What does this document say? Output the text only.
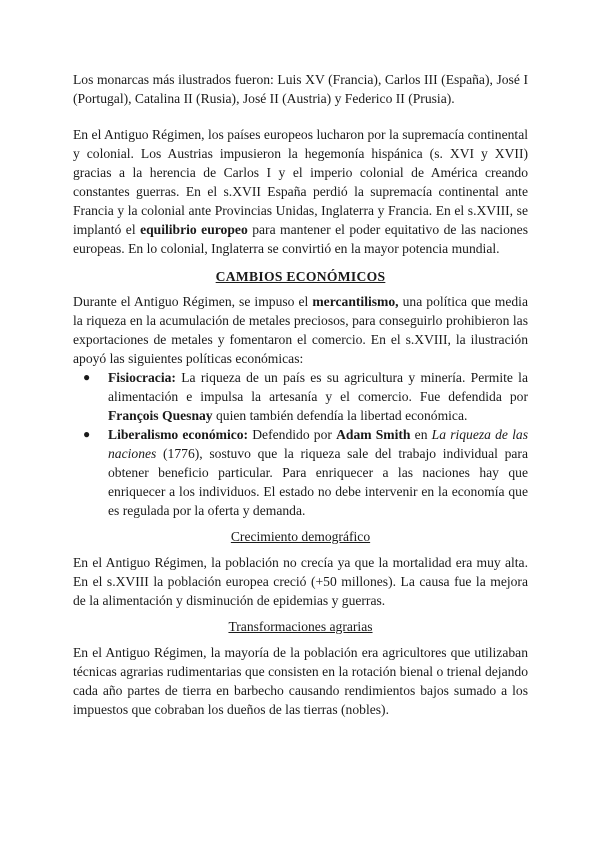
Los monarcas más ilustrados fueron: Luis XV (Francia), Carlos III (España), José I (Portugal), Catalina II (Rusia), José II (Austria) y Federico II (Prusia).

En el Antiguo Régimen, los países europeos lucharon por la supremacía continental y colonial. Los Austrias impusieron la hegemonía hispánica (s. XVI y XVII) gracias a la herencia de Carlos I y el imperio colonial de América creando constantes guerras. En el s.XVII España perdió la supremacía continental ante Francia y la colonial ante Provincias Unidas, Inglaterra y Francia. En el s.XVIII, se implantó el equilibrio europeo para mantener el poder equitativo de las naciones europeas. En lo colonial, Inglaterra se convirtió en la mayor potencia mundial.

CAMBIOS ECONÓMICOS

Durante el Antiguo Régimen, se impuso el mercantilismo, una política que media la riqueza en la acumulación de metales preciosos, para conseguirlo prohibieron las exportaciones de metales y fomentaron el comercio. En el s.XVIII, la ilustración apoyó las siguientes políticas económicas:

● Fisiocracia: La riqueza de un país es su agricultura y minería. Permite la alimentación e impulsa la artesanía y el comercio. Fue defendida por François Quesnay quien también defendía la libertad económica.
● Liberalismo económico: Defendido por Adam Smith en La riqueza de las naciones (1776), sostuvo que la riqueza sale del trabajo individual para obtener beneficio particular. Para enriquecer a las naciones hay que enriquecer a los individuos. El estado no debe intervenir en la economía que es regulada por la oferta y demanda.
Crecimiento demográfico

En el Antiguo Régimen, la población no crecía ya que la mortalidad era muy alta. En el s.XVIII la población europea creció (+50 millones). La causa fue la mejora de la alimentación y disminución de epidemias y guerras.

Transformaciones agrarias

En el Antiguo Régimen, la mayoría de la población era agricultores que utilizaban técnicas agrarias rudimentarias que consisten en la rotación bienal o trienal dejando cada año partes de tierra en barbecho causando rendimientos bajos sumado a los impuestos que cobraban los dueños de las tierras (nobles).
